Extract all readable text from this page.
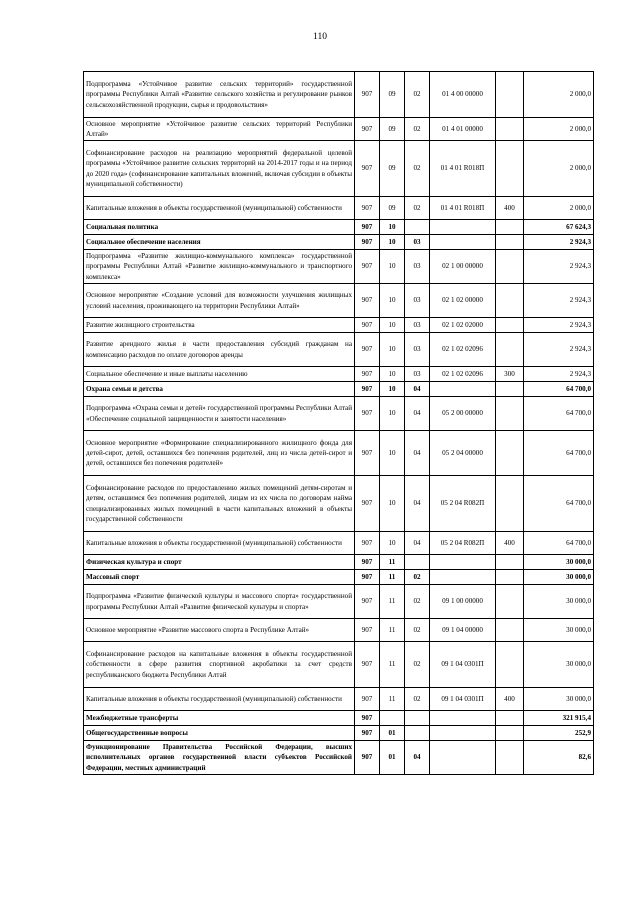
110
Подпрограмма «Устойчивое развитие сельских территорий» государственной программы Республики Алтай «Развитие сельского хозяйства и регулирование рынков сельскохозяйственной продукции, сырья и продовольствия»	907	09	02	01 4 00 00000		2 000,0
Основное мероприятие «Устойчивое развитие сельских территорий Республики Алтай»	907	09	02	01 4 01 00000		2 000,0
Софинансирование расходов на реализацию мероприятий федеральной целевой программы «Устойчивое развитие сельских территорий на 2014-2017 годы и на период до 2020 года» (софинансирование капитальных вложений, включая субсидии в объекты муниципальной собственности)	907	09	02	01 4 01 R018П		2 000,0
Капитальные вложения в объекты государственной (муниципальной) собственности	907	09	02	01 4 01 R018П	400	2 000,0
Социальная политика	907	10				67 624,3
Социальное обеспечение населения	907	10	03			2 924,3
Подпрограмма «Развитие жилищно-коммунального комплекса» государственной программы Республики Алтай «Развитие жилищно-коммунального и транспортного комплекса»	907	10	03	02 1 00 00000		2 924,3
Основное мероприятие «Создание условий для возможности улучшения жилищных условий населения, проживающего на территории Республики Алтай»	907	10	03	02 1 02 00000		2 924,3
Развитие жилищного строительства	907	10	03	02 1 02 02000		2 924,3
Развитие арендного жилья в части предоставления субсидий гражданам на компенсацию расходов по оплате договоров аренды	907	10	03	02 1 02 02096		2 924,3
Социальное обеспечение и иные выплаты населению	907	10	03	02 1 02 02096	300	2 924,3
Охрана семьи и детства	907	10	04			64 700,0
Подпрограмма «Охрана семьи и детей» государственной программы Республики Алтай «Обеспечение социальной защищенности и занятости населения»	907	10	04	05 2 00 00000		64 700,0
Основное мероприятие «Формирование специализированного жилищного фонда для детей-сирот, детей, оставшихся без попечения родителей, лиц из числа детей-сирот и детей, оставшихся без попечения родителей»	907	10	04	05 2 04 00000		64 700,0
Софинансирование расходов по предоставлению жилых помещений детям-сиротам и детям, оставшимся без попечения родителей, лицам из их числа по договорам найма специализированных жилых помещений в части капитальных вложений в объекты государственной собственности	907	10	04	05 2 04 R082П		64 700,0
Капитальные вложения в объекты государственной (муниципальной) собственности	907	10	04	05 2 04 R082П	400	64 700,0
Физическая культура и спорт	907	11				30 000,0
Массовый спорт	907	11	02			30 000,0
Подпрограмма «Развитие физической культуры и массового спорта» государственной программы Республики Алтай «Развитие физической культуры и спорта»	907	11	02	09 1 00 00000		30 000,0
Основное мероприятие «Развитие массового спорта в Республике Алтай»	907	11	02	09 1 04 00000		30 000,0
Софинансирование расходов на капитальные вложения в объекты государственной собственности в сфере развития спортивной акробатики за счет средств республиканского бюджета Республики Алтай	907	11	02	09 1 04 0301П		30 000,0
Капитальные вложения в объекты государственной (муниципальной) собственности	907	11	02	09 1 04 0301П	400	30 000,0
Межбюджетные трансферты	907					321 915,4
Общегосударственные вопросы	907	01				252,9
Функционирование Правительства Российской Федерации, высших исполнительных органов государственной власти субъектов Российской Федерации, местных администраций	907	01	04			82,6
